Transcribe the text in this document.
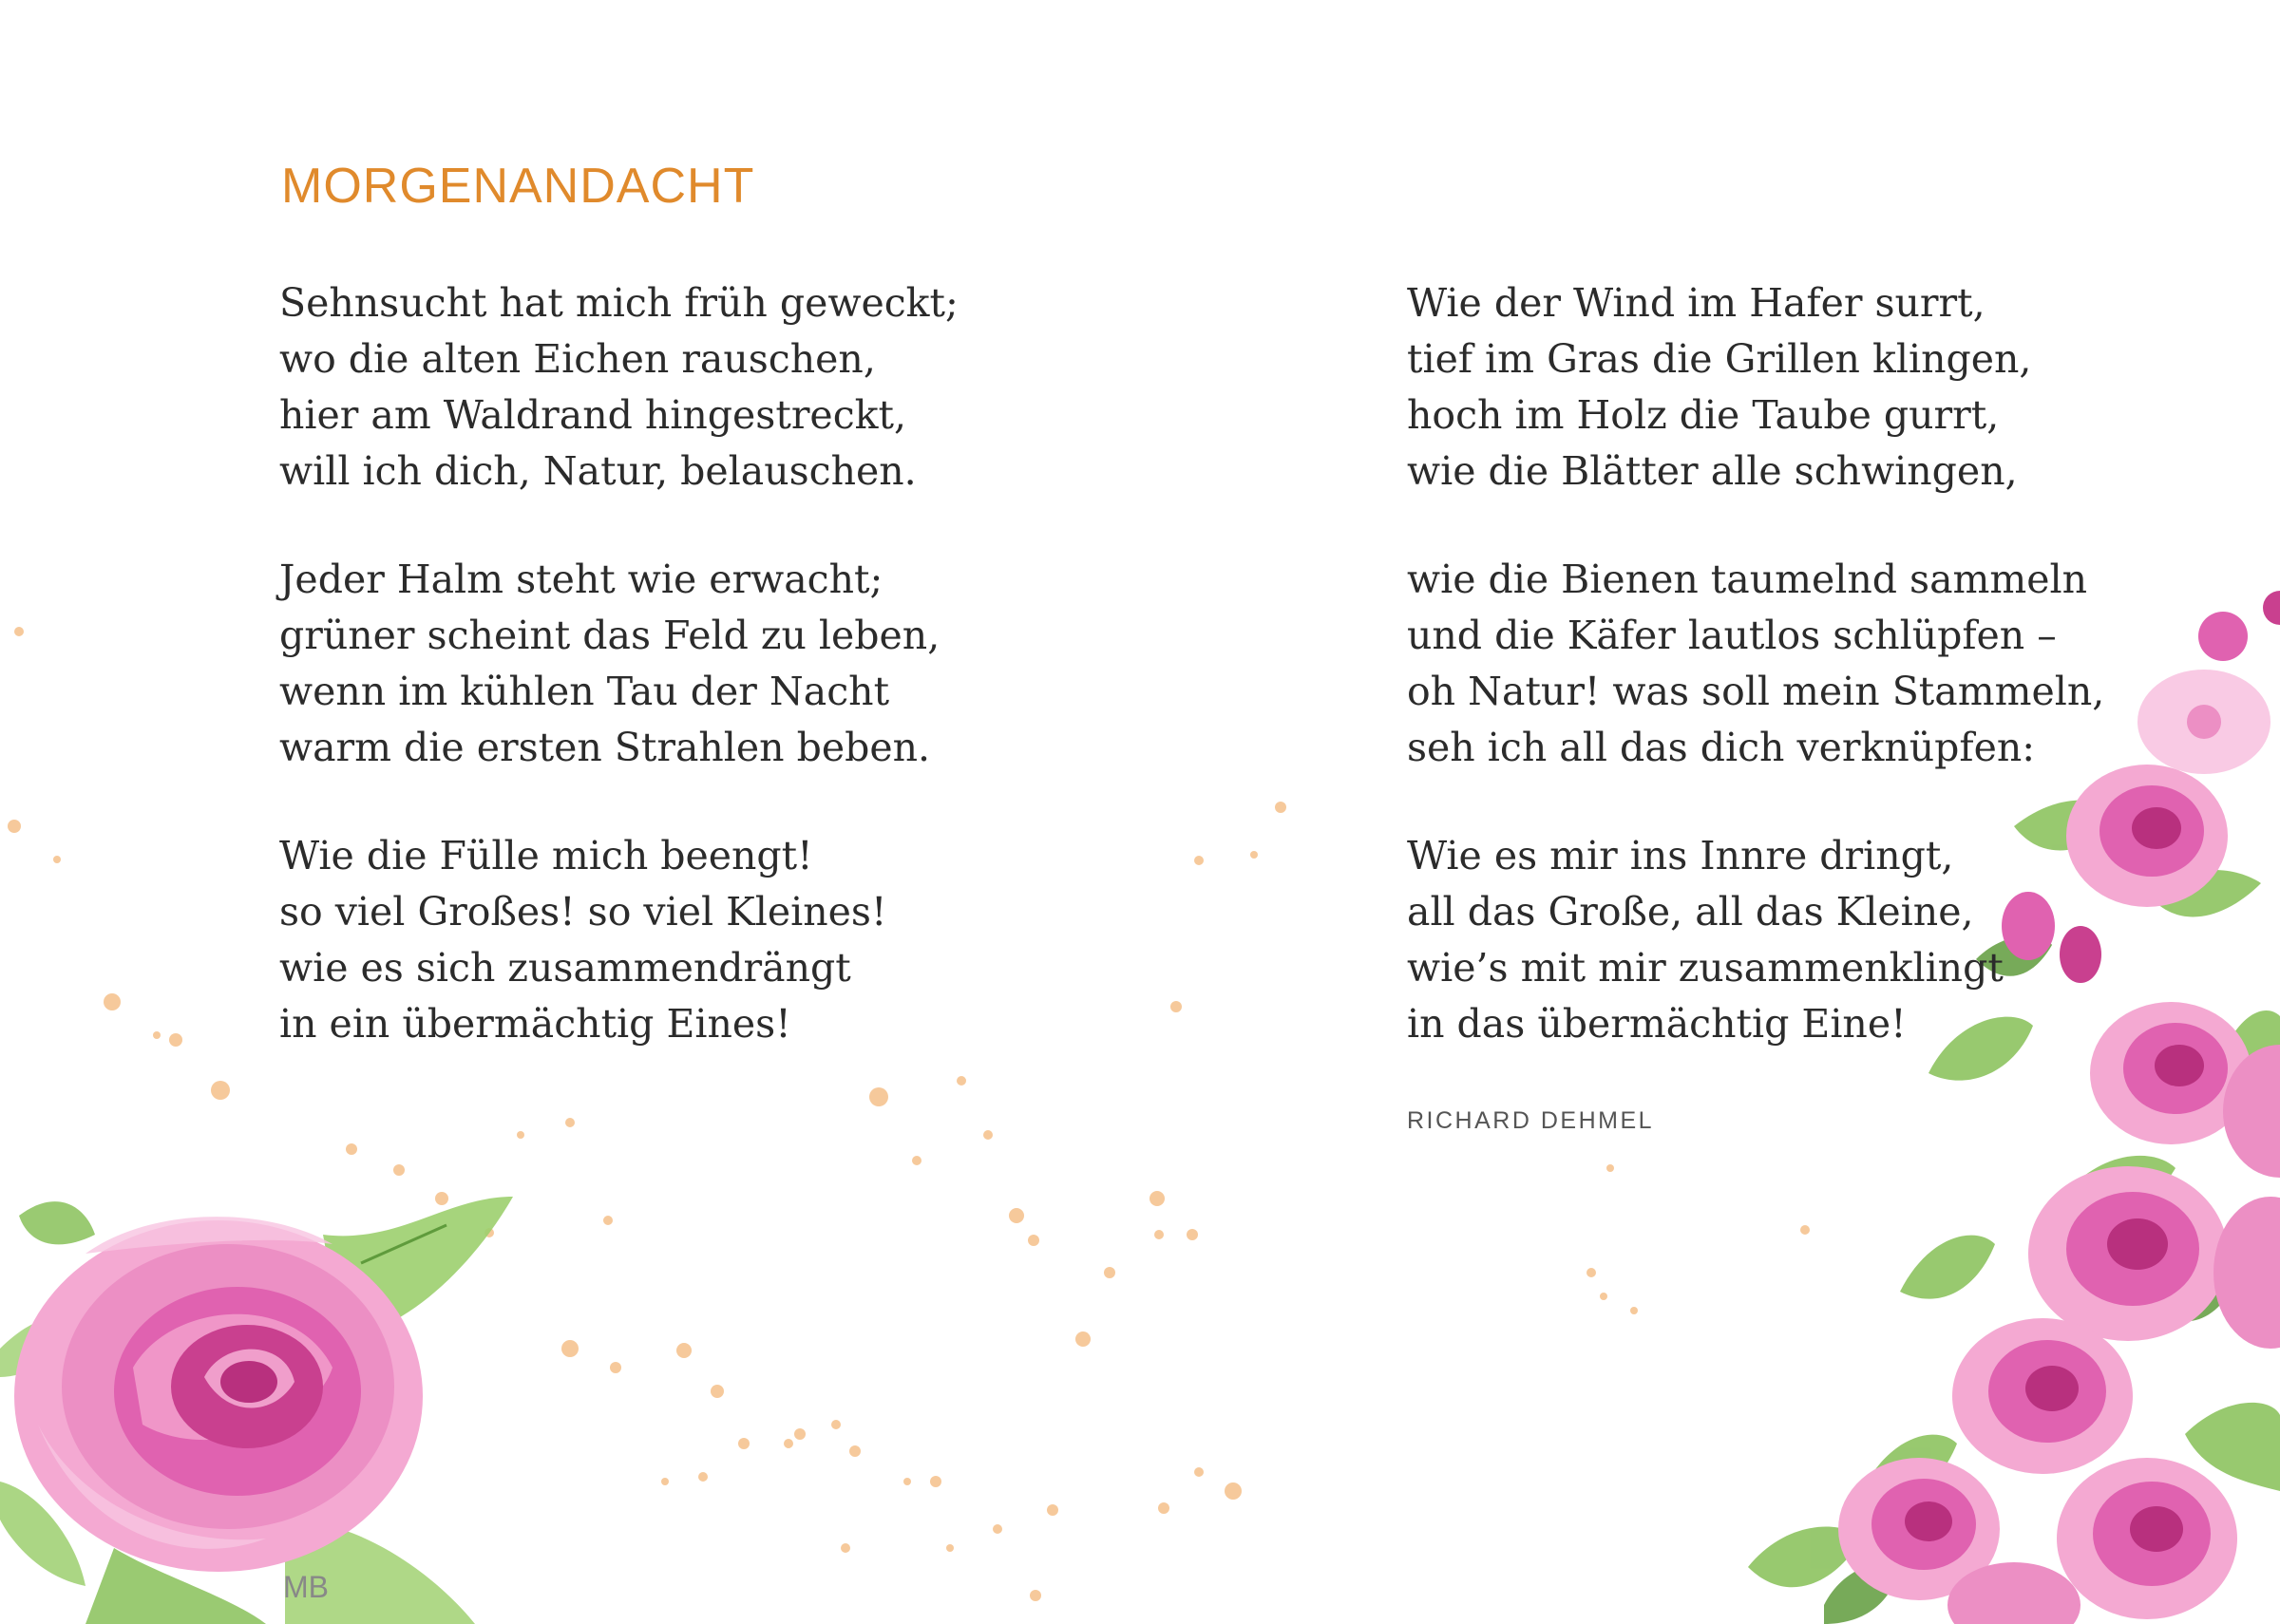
MB
MORGENANDACHT

Sehnsucht hat mich früh geweckt;
wo die alten Eichen rauschen,
hier am Waldrand hingestreckt,
will ich dich, Natur, belauschen.

Jeder Halm steht wie erwacht;
grüner scheint das Feld zu leben,
wenn im kühlen Tau der Nacht
warm die ersten Strahlen beben.

Wie die Fülle mich beengt!
so viel Großes! so viel Kleines!
wie es sich zusammendrängt
in ein übermächtig Eines!

Wie der Wind im Hafer surrt,
tief im Gras die Grillen klingen,
hoch im Holz die Taube gurrt,
wie die Blätter alle schwingen,

wie die Bienen taumelnd sammeln
und die Käfer lautlos schlüpfen –
oh Natur! was soll mein Stammeln,
seh ich all das dich verknüpfen:

Wie es mir ins Innre dringt,
all das Große, all das Kleine,
wie’s mit mir zusammenklingt
in das übermächtig Eine!

RICHARD DEHMEL
